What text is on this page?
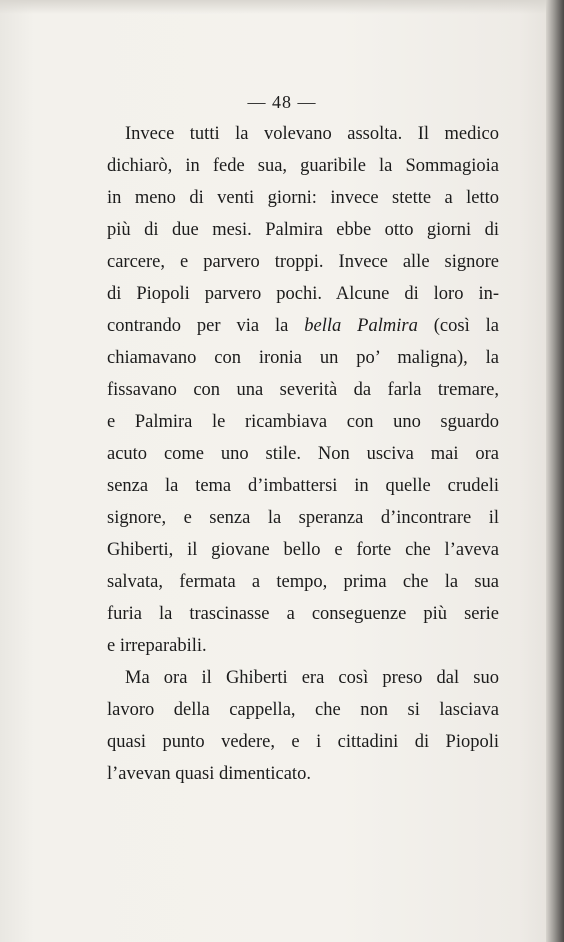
— 48 —
Invece tutti la volevano assolta. Il medico
dichiarò, in fede sua, guaribile la Sommagioia
in meno di venti giorni: invece stette a letto
più di due mesi. Palmira ebbe otto giorni di
carcere, e parvero troppi. Invece alle signore
di Piopoli parvero pochi. Alcune di loro in-
contrando per via la bella Palmira (così la
chiamavano con ironia un po’ maligna), la
fissavano con una severità da farla tremare,
e Palmira le ricambiava con uno sguardo
acuto come uno stile. Non usciva mai ora
senza la tema d’imbattersi in quelle crudeli
signore, e senza la speranza d’incontrare il
Ghiberti, il giovane bello e forte che l’aveva
salvata, fermata a tempo, prima che la sua
furia la trascinasse a conseguenze più serie
e irreparabili.
Ma ora il Ghiberti era così preso dal suo
lavoro della cappella, che non si lasciava
quasi punto vedere, e i cittadini di Piopoli
l’avevan quasi dimenticato.
